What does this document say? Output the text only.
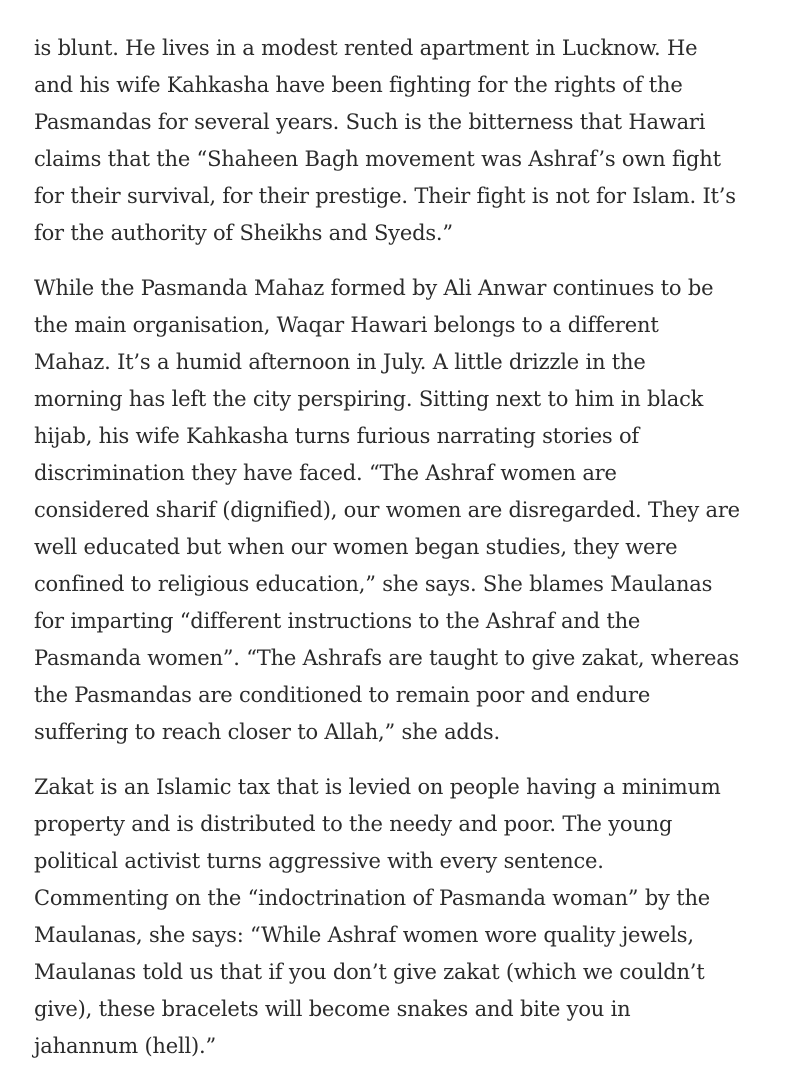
is blunt. He lives in a modest rented apartment in Lucknow. He
and his wife Kahkasha have been fighting for the rights of the
Pasmandas for several years. Such is the bitterness that Hawari
claims that the “Shaheen Bagh movement was Ashraf’s own fight
for their survival, for their prestige. Their fight is not for Islam. It’s
for the authority of Sheikhs and Syeds.”

While the Pasmanda Mahaz formed by Ali Anwar continues to be
the main organisation, Waqar Hawari belongs to a different
Mahaz. It’s a humid afternoon in July. A little drizzle in the
morning has left the city perspiring. Sitting next to him in black
hijab, his wife Kahkasha turns furious narrating stories of
discrimination they have faced. “The Ashraf women are
considered sharif (dignified), our women are disregarded. They are
well educated but when our women began studies, they were
confined to religious education,” she says. She blames Maulanas
for imparting “different instructions to the Ashraf and the
Pasmanda women”. “The Ashrafs are taught to give zakat, whereas
the Pasmandas are conditioned to remain poor and endure
suffering to reach closer to Allah,” she adds.

Zakat is an Islamic tax that is levied on people having a minimum
property and is distributed to the needy and poor. The young
political activist turns aggressive with every sentence.
Commenting on the “indoctrination of Pasmanda woman” by the
Maulanas, she says: “While Ashraf women wore quality jewels,
Maulanas told us that if you don’t give zakat (which we couldn’t
give), these bracelets will become snakes and bite you in
jahannum (hell).”
